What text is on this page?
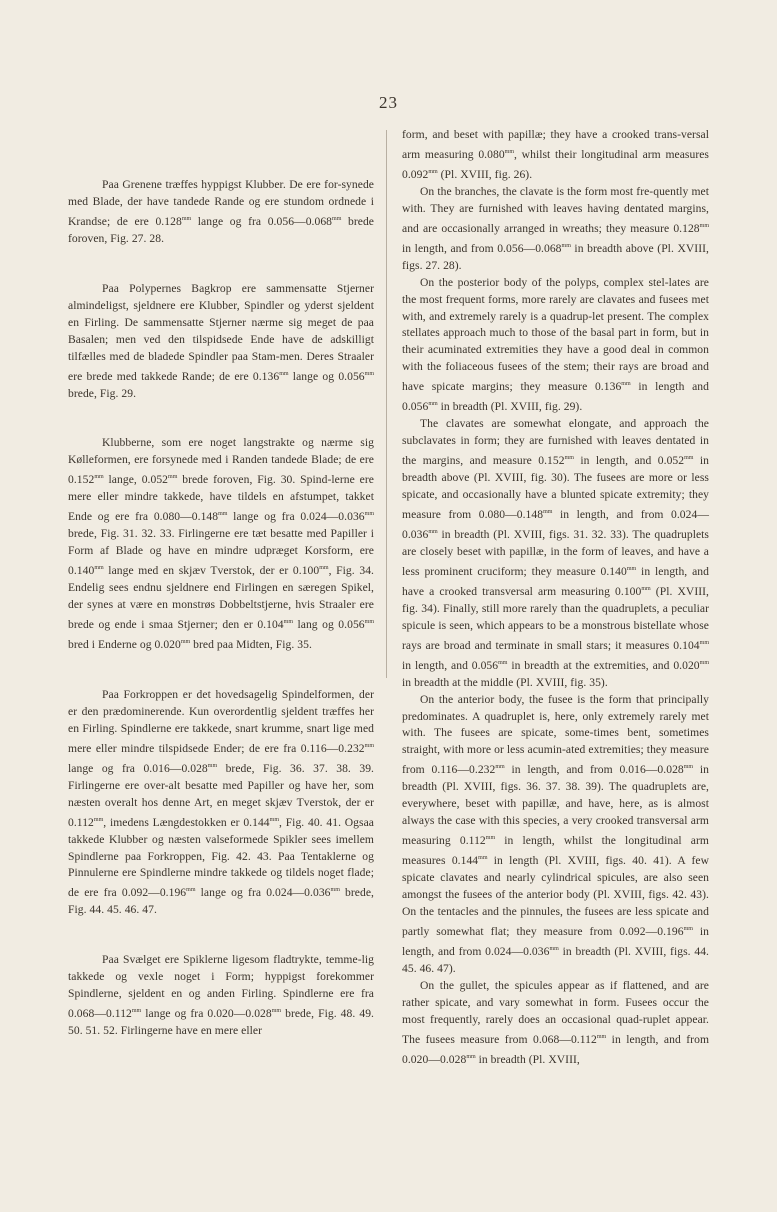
23

Paa Grenene træffes hyppigst Klubber. De ere for-synede med Blade, der have tandede Rande og ere stundom ordnede i Krandse; de ere $0.128^{mm}$ lange og fra $0.056—0.068^{mm}$ brede foroven, Fig. 27. 28.

Paa Polypernes Bagkrop ere sammensatte Stjerner almindeligst, sjeldnere ere Klubber, Spindler og yderst sjeldent en Firling. De sammensatte Stjerner nærme sig meget de paa Basalen; men ved den tilspidsede Ende have de adskilligt tilfælles med de bladede Spindler paa Stam-men. Deres Straaler ere brede med takkede Rande; de ere $0.136^{mm}$ lange og $0.056^{mm}$ brede, Fig. 29.

Klubberne, som ere noget langstrakte og nærme sig Kølleformen, ere forsynede med i Randen tandede Blade; de ere $0.152^{mm}$ lange, $0.052^{mm}$ brede foroven, Fig. 30. Spind-lerne ere mere eller mindre takkede, have tildels en afstumpet, takket Ende og ere fra $0.080—0.148^{mm}$ lange og fra $0.024—0.036^{mm}$ brede, Fig. 31. 32. 33. Firlingerne ere tæt besatte med Papiller i Form af Blade og have en mindre udpræget Korsform, ere $0.140^{mm}$ lange med en skjæv Tverstok, der er $0.100^{mm}$, Fig. 34. Endelig sees endnu sjeldnere end Firlingen en særegen Spikel, der synes at være en monstrøs Dobbeltstjerne, hvis Straaler ere brede og ende i smaa Stjerner; den er $0.104^{mm}$ lang og $0.056^{mm}$ bred i Enderne og $0.020^{mm}$ bred paa Midten, Fig. 35.

Paa Forkroppen er det hovedsagelig Spindelformen, der er den prædominerende. Kun overordentlig sjeldent træffes her en Firling. Spindlerne ere takkede, snart krumme, snart lige med mere eller mindre tilspidsede Ender; de ere fra $0.116—0.232^{mm}$ lange og fra $0.016—0.028^{mm}$ brede, Fig. 36. 37. 38. 39. Firlingerne ere over-alt besatte med Papiller og have her, som næsten overalt hos denne Art, en meget skjæv Tverstok, der er $0.112^{mm}$, imedens Længdestokken er $0.144^{mm}$, Fig. 40. 41. Ogsaa takkede Klubber og næsten valseformede Spikler sees imellem Spindlerne paa Forkroppen, Fig. 42. 43. Paa Tentaklerne og Pinnulerne ere Spindlerne mindre takkede og tildels noget flade; de ere fra $0.092—0.196^{mm}$ lange og fra $0.024—0.036^{mm}$ brede, Fig. 44. 45. 46. 47.

Paa Svælget ere Spiklerne ligesom fladtrykte, temme-lig takkede og vexle noget i Form; hyppigst forekommer Spindlerne, sjeldent en og anden Firling. Spindlerne ere fra $0.068—0.112^{mm}$ lange og fra $0.020—0.028^{mm}$ brede, Fig. 48. 49. 50. 51. 52. Firlingerne have en mere eller

form, and beset with papillæ; they have a crooked trans-versal arm measuring $0.080^{mm}$, whilst their longitudinal arm measures $0.092^{mm}$ (Pl. XVIII, fig. 26).

On the branches, the clavate is the form most fre-quently met with. They are furnished with leaves having dentated margins, and are occasionally arranged in wreaths; they measure $0.128^{mm}$ in length, and from $0.056—0.068^{mm}$ in breadth above (Pl. XVIII, figs. 27. 28).

On the posterior body of the polyps, complex stel-lates are the most frequent forms, more rarely are clavates and fusees met with, and extremely rarely is a quadrup-let present. The complex stellates approach much to those of the basal part in form, but in their acuminated extremities they have a good deal in common with the foliaceous fusees of the stem; their rays are broad and have spicate margins; they measure $0.136^{mm}$ in length and $0.056^{mm}$ in breadth (Pl. XVIII, fig. 29).

The clavates are somewhat elongate, and approach the subclavates in form; they are furnished with leaves dentated in the margins, and measure $0.152^{mm}$ in length, and $0.052^{mm}$ in breadth above (Pl. XVIII, fig. 30). The fusees are more or less spicate, and occasionally have a blunted spicate extremity; they measure from $0.080—0.148^{mm}$ in length, and from $0.024—0.036^{mm}$ in breadth (Pl. XVIII, figs. 31. 32. 33). The quadruplets are closely beset with papillæ, in the form of leaves, and have a less prominent cruciform; they measure $0.140^{mm}$ in length, and have a crooked transversal arm measuring $0.100^{mm}$ (Pl. XVIII, fig. 34). Finally, still more rarely than the quadruplets, a peculiar spicule is seen, which appears to be a monstrous bistellate whose rays are broad and terminate in small stars; it measures $0.104^{mm}$ in length, and $0.056^{mm}$ in breadth at the extremities, and $0.020^{mm}$ in breadth at the middle (Pl. XVIII, fig. 35).

On the anterior body, the fusee is the form that principally predominates. A quadruplet is, here, only extremely rarely met with. The fusees are spicate, some-times bent, sometimes straight, with more or less acumin-ated extremities; they measure from $0.116—0.232^{mm}$ in length, and from $0.016—0.028^{mm}$ in breadth (Pl. XVIII, figs. 36. 37. 38. 39). The quadruplets are, everywhere, beset with papillæ, and have, here, as is almost always the case with this species, a very crooked transversal arm measuring $0.112^{mm}$ in length, whilst the longitudinal arm measures $0.144^{mm}$ in length (Pl. XVIII, figs. 40. 41). A few spicate clavates and nearly cylindrical spicules, are also seen amongst the fusees of the anterior body (Pl. XVIII, figs. 42. 43). On the tentacles and the pinnules, the fusees are less spicate and partly somewhat flat; they measure from $0.092—0.196^{mm}$ in length, and from $0.024—0.036^{mm}$ in breadth (Pl. XVIII, figs. 44. 45. 46. 47).

On the gullet, the spicules appear as if flattened, and are rather spicate, and vary somewhat in form. Fusees occur the most frequently, rarely does an occasional quad-ruplet appear. The fusees measure from $0.068—0.112^{mm}$ in length, and from $0.020—0.028^{mm}$ in breadth (Pl. XVIII,
